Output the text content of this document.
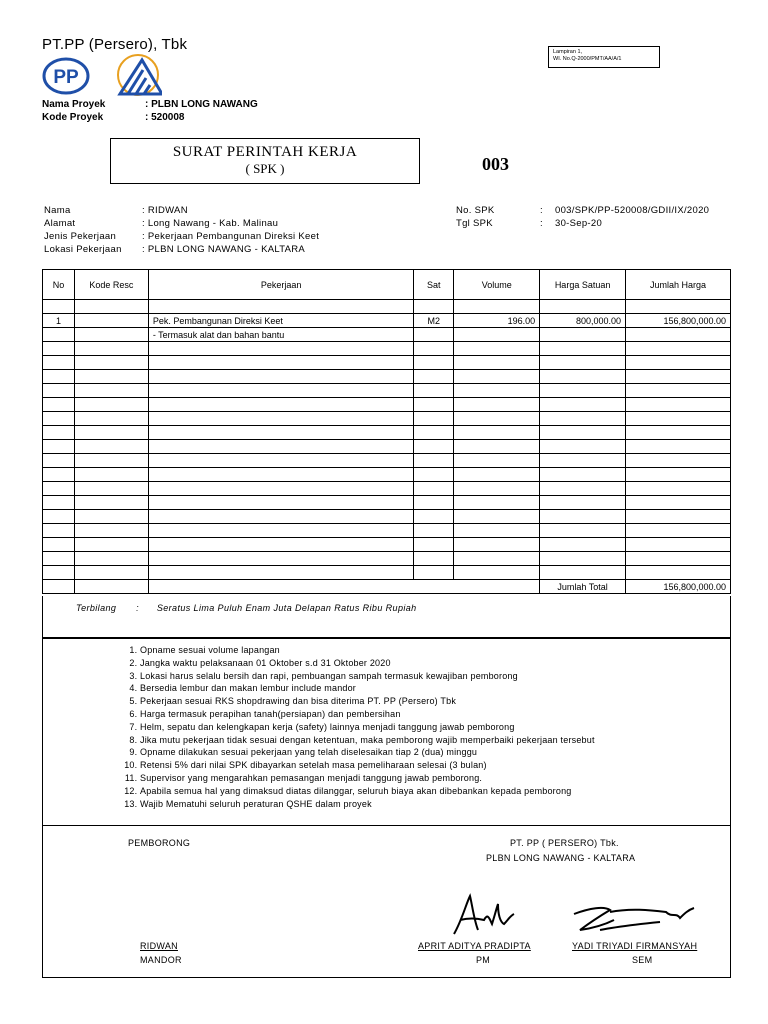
PT.PP (Persero), Tbk
PP
Lampiran 1,
WI. No.Q-2000/PMT/AA/A/1
Nama Proyek	: PLBN LONG NAWANG
Kode Proyek	: 520008
SURAT PERINTAH KERJA
( SPK )	003
Nama	: RIDWAN
Alamat	: Long Nawang - Kab. Malinau
Jenis Pekerjaan	: Pekerjaan Pembangunan Direksi Keet
Lokasi Pekerjaan : PLBN LONG NAWANG - KALTARA
No. SPK	: 003/SPK/PP-520008/GDII/IX/2020
Tgl SPK	: 30-Sep-20
No	Kode Resc	Pekerjaan	Sat	Volume	Harga Satuan	Jumlah Harga

1		Pek. Pembangunan Direksi Keet	M2	196.00	800,000.00	156,800,000.00
		- Termasuk alat dan bahan bantu				

					Jumlah Total	156,800,000.00
Terbilang : Seratus Lima Puluh Enam Juta Delapan Ratus Ribu Rupiah
1. Opname sesuai volume lapangan
2. Jangka waktu pelaksanaan 01 Oktober s.d 31 Oktober 2020
3. Lokasi harus selalu bersih dan rapi, pembuangan sampah termasuk kewajiban pemborong
4. Bersedia lembur dan makan lembur include mandor
5. Pekerjaan sesuai RKS shopdrawing dan bisa diterima PT. PP (Persero) Tbk
6. Harga termasuk perapihan tanah(persiapan) dan pembersihan
7. Helm, sepatu dan kelengkapan kerja (safety) lainnya menjadi tanggung jawab pemborong
8. Jika mutu pekerjaan tidak sesuai dengan ketentuan, maka pemborong wajib memperbaiki pekerjaan tersebut
9. Opname dilakukan sesuai pekerjaan yang telah diselesaikan tiap 2 (dua) minggu
10. Retensi 5% dari nilai SPK dibayarkan setelah masa pemeliharaan selesai (3 bulan)
11. Supervisor yang mengarahkan pemasangan menjadi tanggung jawab pemborong.
12. Apabila semua hal yang dimaksud diatas dilanggar, seluruh biaya akan dibebankan kepada pemborong
13. Wajib Mematuhi seluruh peraturan QSHE dalam proyek
PEMBORONG	PT. PP ( PERSERO) Tbk.
PLBN LONG NAWANG - KALTARA
RIDWAN
MANDOR
APRIT ADITYA PRADIPTA
PM
YADI TRIYADI FIRMANSYAH
SEM
